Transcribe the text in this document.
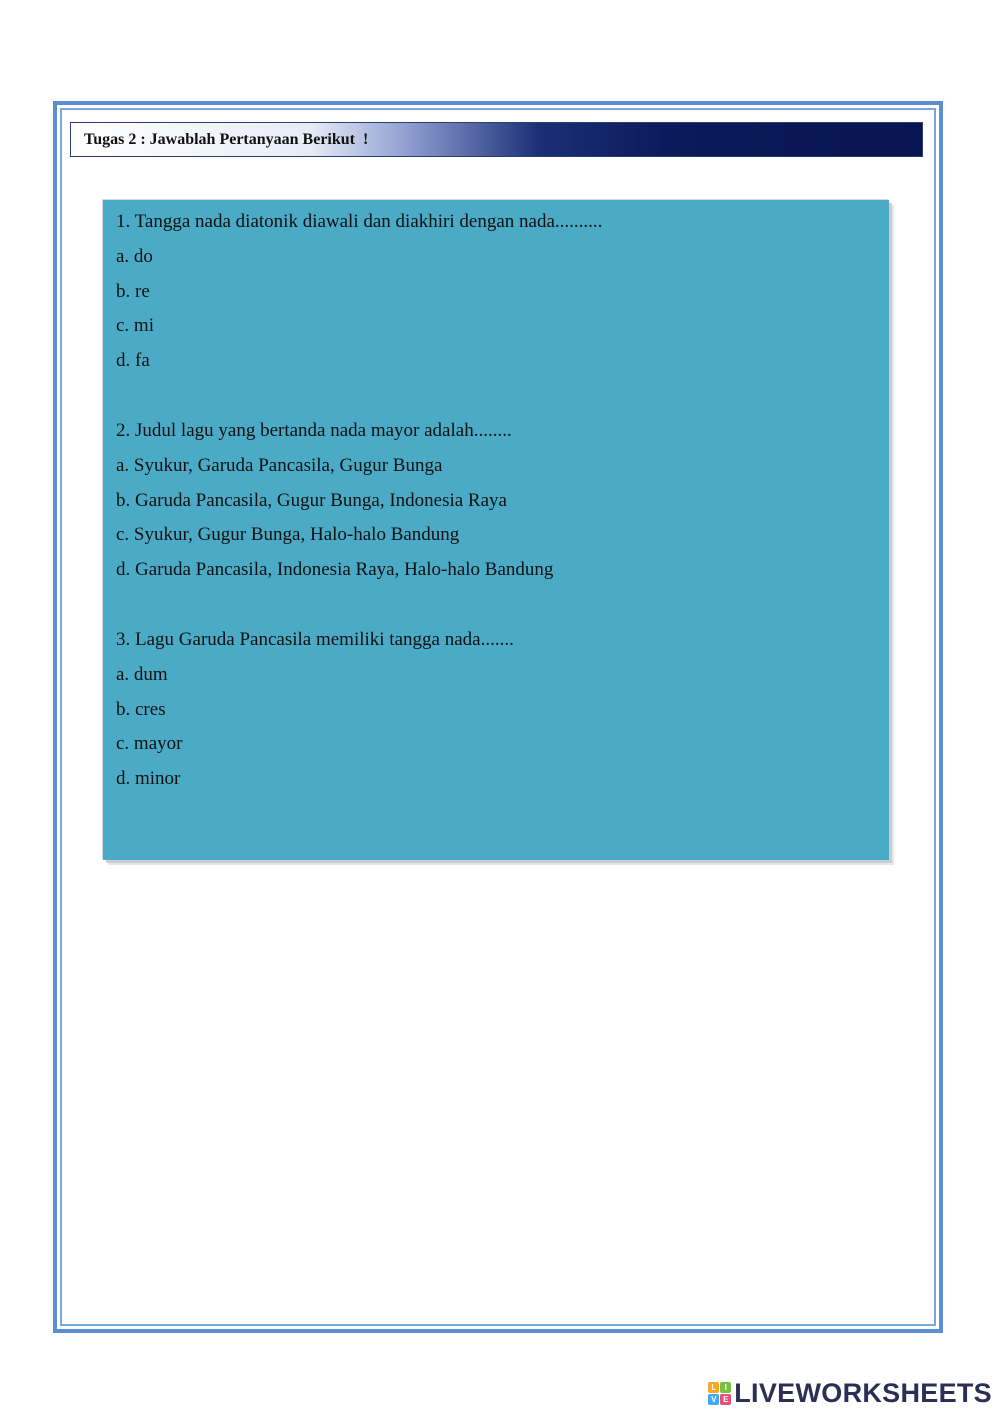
Tugas 2 : Jawablah Pertanyaan Berikut  !
1. Tangga nada diatonik diawali dan diakhiri dengan nada..........
a. do
b. re
c. mi
d. fa
2. Judul lagu yang bertanda nada mayor adalah........
a. Syukur, Garuda Pancasila, Gugur Bunga
b. Garuda Pancasila, Gugur Bunga, Indonesia Raya
c. Syukur, Gugur Bunga, Halo-halo Bandung
d. Garuda Pancasila, Indonesia Raya, Halo-halo Bandung
3. Lagu Garuda Pancasila memiliki tangga nada.......
a. dum
b. cres
c. mayor
d. minor
L	I
V E LIVEWORKSHEETS
